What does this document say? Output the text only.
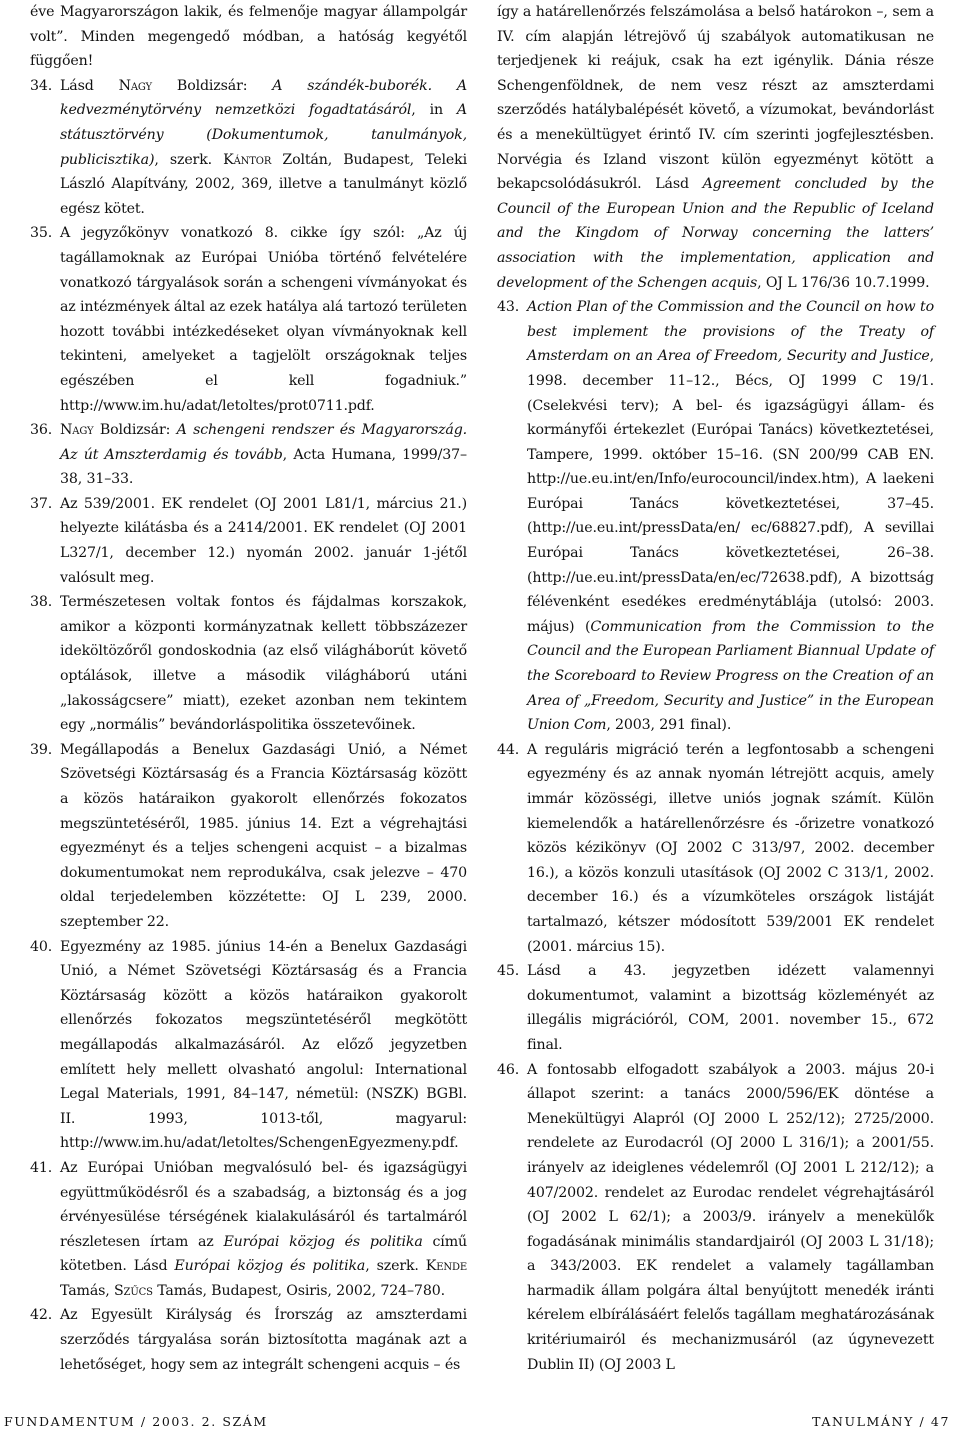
éve Magyarországon lakik, és felmenője magyar állampolgár volt”. Minden megengedő módban, a hatóság kegyétől függően!

34. Lásd Nagy Boldizsár: A szándék-buborék. A kedvezménytörvény nemzetközi fogadtatásáról, in A státusztörvény (Dokumentumok, tanulmányok, publicisztika), szerk. Kántor Zoltán, Budapest, Teleki László Alapítvány, 2002, 369, illetve a tanulmányt közlő egész kötet.

35. A jegyzőkönyv vonatkozó 8. cikke így szól: „Az új tagállamoknak az Európai Unióba történő felvételére vonatkozó tárgyalások során a schengeni vívmányokat és az intézmények által az ezek hatálya alá tartozó területen hozott további intézkedéseket olyan vívmányoknak kell tekinteni, amelyeket a tagjelölt országoknak teljes egészében el kell fogadniuk.” http://www.im.hu/adat/letoltes/prot0711.pdf.

36. Nagy Boldizsár: A schengeni rendszer és Magyarország. Az út Amszterdamig és tovább, Acta Humana, 1999/37–38, 31–33.

37. Az 539/2001. EK rendelet (OJ 2001 L81/1, március 21.) helyezte kilátásba és a 2414/2001. EK rendelet (OJ 2001 L327/1, december 12.) nyomán 2002. január 1-jétől valósult meg.

38. Természetesen voltak fontos és fájdalmas korszakok, amikor a központi kormányzatnak kellett többszázezer ideköltözőről gondoskodnia (az első világháborút követő optálások, illetve a második világháború utáni „lakosságcsere” miatt), ezeket azonban nem tekintem egy „normális” bevándorláspolitika összetevőinek.

39. Megállapodás a Benelux Gazdasági Unió, a Német Szövetségi Köztársaság és a Francia Köztársaság között a közös határaikon gyakorolt ellenőrzés fokozatos megszüntetéséről, 1985. június 14. Ezt a végrehajtási egyezményt és a teljes schengeni acquist – a bizalmas dokumentumokat nem reprodukálva, csak jelezve – 470 oldal terjedelemben közzétette: OJ L 239, 2000. szeptember 22.

40. Egyezmény az 1985. június 14-én a Benelux Gazdasági Unió, a Német Szövetségi Köztársaság és a Francia Köztársaság között a közös határaikon gyakorolt ellenőrzés fokozatos megszüntetéséről megkötött megállapodás alkalmazásáról. Az előző jegyzetben említett hely mellett olvasható angolul: International Legal Materials, 1991, 84–147, németül: (NSZK) BGBl. II. 1993, 1013-től, magyarul: http://www.im.hu/adat/letoltes/SchengenEgyezmeny.pdf.

41. Az Európai Unióban megvalósuló bel- és igazságügyi együttműködésről és a szabadság, a biztonság és a jog érvényesülése térségének kialakulásáról és tartalmáról részletesen írtam az Európai közjog és politika című kötetben. Lásd Európai közjog és politika, szerk. Kende Tamás, Szűcs Tamás, Budapest, Osiris, 2002, 724–780.

42. Az Egyesült Királyság és Írország az amszterdami szerződés tárgyalása során biztosította magának azt a lehetőséget, hogy sem az integrált schengeni acquis – és

így a határellenőrzés felszámolása a belső határokon –, sem a IV. cím alapján létrejövő új szabályok automatikusan ne terjedjenek ki reájuk, csak ha ezt igénylik. Dánia része Schengenföldnek, de nem vesz részt az amszterdami szerződés hatálybalépését követő, a vízumokat, bevándorlást és a menekültügyet érintő IV. cím szerinti jogfejlesztésben. Norvégia és Izland viszont külön egyezményt kötött a bekapcsolódásukról. Lásd Agreement concluded by the Council of the European Union and the Republic of Iceland and the Kingdom of Norway concerning the latters’ association with the implementation, application and development of the Schengen acquis, OJ L 176/36 10.7.1999.

43. Action Plan of the Commission and the Council on how to best implement the provisions of the Treaty of Amsterdam on an Area of Freedom, Security and Justice, 1998. december 11–12., Bécs, OJ 1999 C 19/1. (Cselekvési terv); A bel- és igazságügyi állam- és kormányfői értekezlet (Európai Tanács) következtetései, Tampere, 1999. október 15–16. (SN 200/99 CAB EN. http://ue.eu.int/en/Info/eurocouncil/index.htm), A laekeni Európai Tanács következtetései, 37–45. (http://ue.eu.int/pressData/en/ ec/68827.pdf), A sevillai Európai Tanács következtetései, 26–38. (http://ue.eu.int/pressData/en/ec/72638.pdf), A bizottság félévenként esedékes eredménytáblája (utolsó: 2003. május) (Communication from the Commission to the Council and the European Parliament Biannual Update of the Scoreboard to Review Progress on the Creation of an Area of „Freedom, Security and Justice” in the European Union Com, 2003, 291 final).

44. A reguláris migráció terén a legfontosabb a schengeni egyezmény és az annak nyomán létrejött acquis, amely immár közösségi, illetve uniós jognak számít. Külön kiemelendők a határellenőrzésre és -őrizetre vonatkozó közös kézikönyv (OJ 2002 C 313/97, 2002. december 16.), a közös konzuli utasítások (OJ 2002 C 313/1, 2002. december 16.) és a vízumköteles országok listáját tartalmazó, kétszer módosított 539/2001 EK rendelet (2001. március 15).

45. Lásd a 43. jegyzetben idézett valamennyi dokumentumot, valamint a bizottság közleményét az illegális migrációról, COM, 2001. november 15., 672 final.

46. A fontosabb elfogadott szabályok a 2003. május 20-i állapot szerint: a tanács 2000/596/EK döntése a Menekültügyi Alapról (OJ 2000 L 252/12); 2725/2000. rendelete az Eurodacról (OJ 2000 L 316/1); a 2001/55. irányelv az ideiglenes védelemről (OJ 2001 L 212/12); a 407/2002. rendelet az Eurodac rendelet végrehajtásáról (OJ 2002 L 62/1); a 2003/9. irányelv a menekülők fogadásának minimális standardjairól (OJ 2003 L 31/18); a 343/2003. EK rendelet a valamely tagállamban harmadik állam polgára által benyújtott menedék iránti kérelem elbírálásáért felelős tagállam meghatározásának kritériumairól és mechanizmusáról (az úgynevezett Dublin II) (OJ 2003 L

FUNDAMENTUM / 2003. 2. SZÁM	TANULMÁNY / 47
